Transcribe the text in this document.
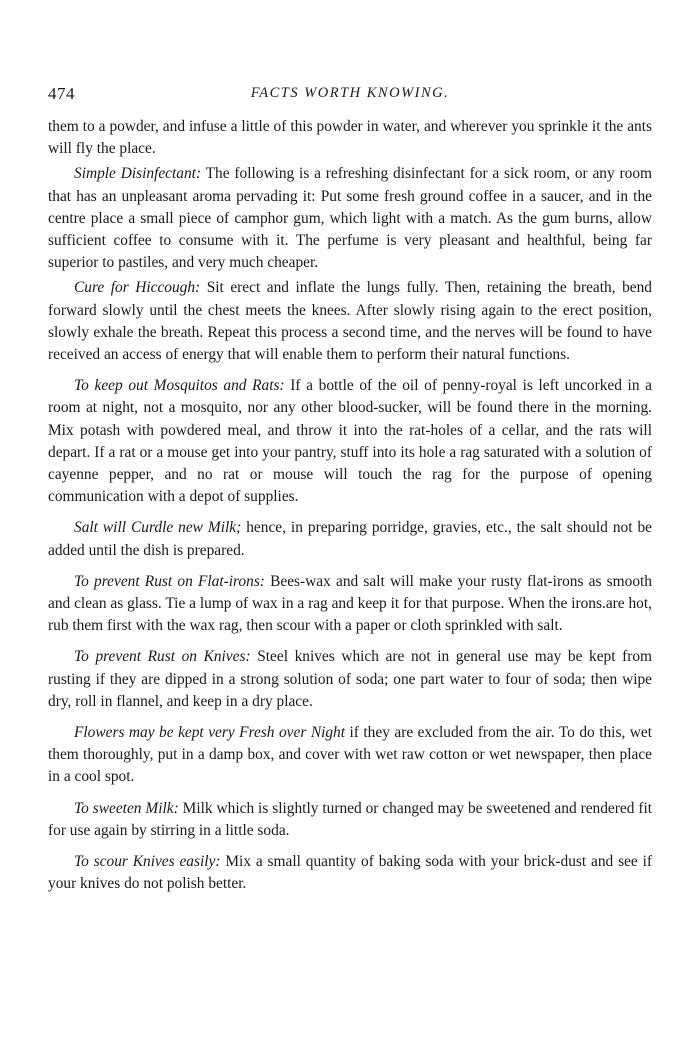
474	FACTS WORTH KNOWING.

them to a powder, and infuse a little of this powder in water, and wherever you sprinkle it the ants will fly the place.

Simple Disinfectant: The following is a refreshing disinfectant for a sick room, or any room that has an unpleasant aroma pervading it: Put some fresh ground coffee in a saucer, and in the centre place a small piece of camphor gum, which light with a match. As the gum burns, allow sufficient coffee to consume with it. The perfume is very pleasant and healthful, being far superior to pastiles, and very much cheaper.

Cure for Hiccough: Sit erect and inflate the lungs fully. Then, retaining the breath, bend forward slowly until the chest meets the knees. After slowly rising again to the erect position, slowly exhale the breath. Repeat this process a second time, and the nerves will be found to have received an access of energy that will enable them to perform their natural functions.

To keep out Mosquitos and Rats: If a bottle of the oil of penny-royal is left uncorked in a room at night, not a mosquito, nor any other blood-sucker, will be found there in the morning. Mix potash with powdered meal, and throw it into the rat-holes of a cellar, and the rats will depart. If a rat or a mouse get into your pantry, stuff into its hole a rag saturated with a solution of cayenne pepper, and no rat or mouse will touch the rag for the purpose of opening communication with a depot of supplies.

Salt will Curdle new Milk; hence, in preparing porridge, gravies, etc., the salt should not be added until the dish is prepared.

To prevent Rust on Flat-irons: Bees-wax and salt will make your rusty flat-irons as smooth and clean as glass. Tie a lump of wax in a rag and keep it for that purpose. When the irons.are hot, rub them first with the wax rag, then scour with a paper or cloth sprinkled with salt.

To prevent Rust on Knives: Steel knives which are not in general use may be kept from rusting if they are dipped in a strong solution of soda; one part water to four of soda; then wipe dry, roll in flannel, and keep in a dry place.

Flowers may be kept very Fresh over Night if they are excluded from the air. To do this, wet them thoroughly, put in a damp box, and cover with wet raw cotton or wet newspaper, then place in a cool spot.

To sweeten Milk: Milk which is slightly turned or changed may be sweetened and rendered fit for use again by stirring in a little soda.

To scour Knives easily: Mix a small quantity of baking soda with your brick-dust and see if your knives do not polish better.
